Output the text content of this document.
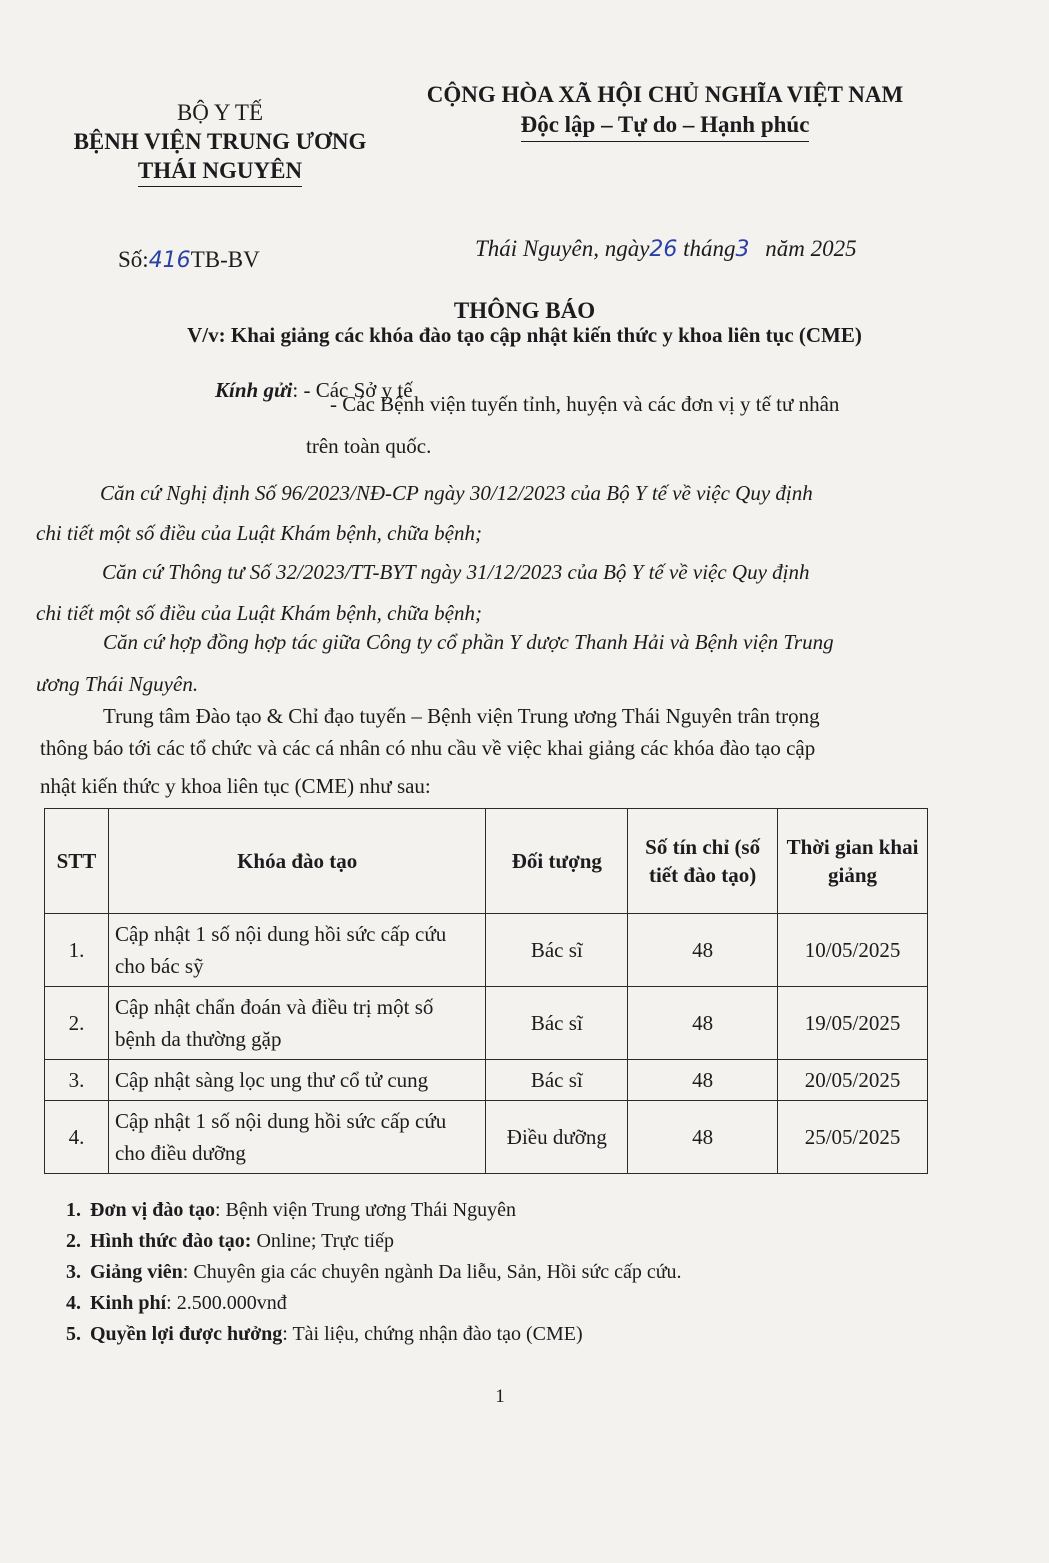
BỘ Y TẾ
BỆNH VIỆN TRUNG ƯƠNG
THÁI NGUYÊN
CỘNG HÒA XÃ HỘI CHỦ NGHĨA VIỆT NAM
Độc lập – Tự do – Hạnh phúc
Số:416TB-BV	Thái Nguyên, ngày26 tháng3 năm 2025
THÔNG BÁO
V/v: Khai giảng các khóa đào tạo cập nhật kiến thức y khoa liên tục (CME)
Kính gửi: - Các Sở y tế
- Các Bệnh viện tuyến tỉnh, huyện và các đơn vị y tế tư nhân
trên toàn quốc.
Căn cứ Nghị định Số 96/2023/NĐ-CP ngày 30/12/2023 của Bộ Y tế về việc Quy định
chi tiết một số điều của Luật Khám bệnh, chữa bệnh;
Căn cứ Thông tư Số 32/2023/TT-BYT ngày 31/12/2023 của Bộ Y tế về việc Quy định
chi tiết một số điều của Luật Khám bệnh, chữa bệnh;
Căn cứ hợp đồng hợp tác giữa Công ty cổ phần Y dược Thanh Hải và Bệnh viện Trung
ương Thái Nguyên.
Trung tâm Đào tạo & Chỉ đạo tuyến – Bệnh viện Trung ương Thái Nguyên trân trọng
thông báo tới các tổ chức và các cá nhân có nhu cầu về việc khai giảng các khóa đào tạo cập
nhật kiến thức y khoa liên tục (CME) như sau:
STT	Khóa đào tạo	Đối tượng	Số tín chỉ (số tiết đào tạo)	Thời gian khai giảng
1.	Cập nhật 1 số nội dung hồi sức cấp cứu cho bác sỹ	Bác sĩ	48	10/05/2025
2.	Cập nhật chẩn đoán và điều trị một số bệnh da thường gặp	Bác sĩ	48	19/05/2025
3.	Cập nhật sàng lọc ung thư cổ tử cung	Bác sĩ	48	20/05/2025
4.	Cập nhật 1 số nội dung hồi sức cấp cứu cho điều dưỡng	Điều dưỡng	48	25/05/2025
1. Đơn vị đào tạo: Bệnh viện Trung ương Thái Nguyên
2. Hình thức đào tạo: Online; Trực tiếp
3. Giảng viên: Chuyên gia các chuyên ngành Da liễu, Sản, Hồi sức cấp cứu.
4. Kinh phí: 2.500.000vnđ
5. Quyền lợi được hưởng: Tài liệu, chứng nhận đào tạo (CME)
1
